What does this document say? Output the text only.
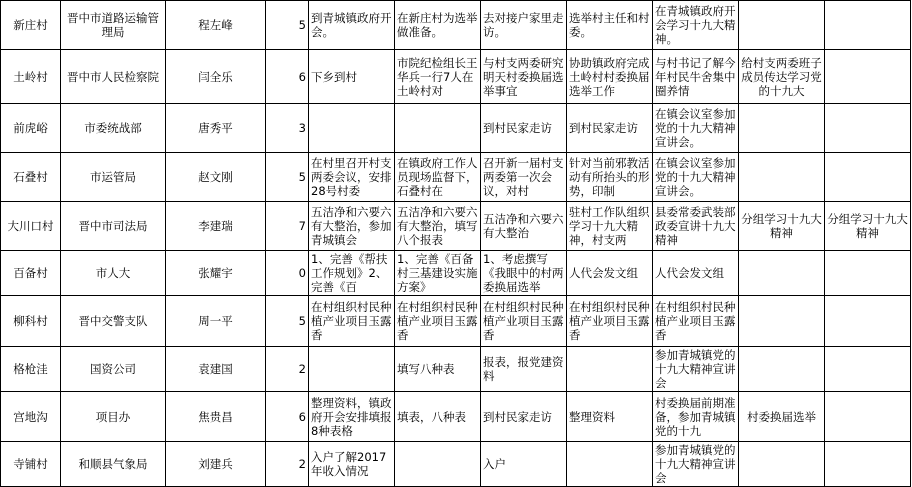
新庄村	晋中市道路运输管理局	程左峰	5	到青城镇政府开会。	在新庄村为选举做准备。	去对接户家里走访。	选举村主任和村委。	在青城镇政府开会学习十九大精神。		

土岭村	晋中市人民检察院	闫全乐	6	下乡到村	市院纪检组长王华兵一行7人在土岭村对	与村支两委研究明天村委换届选举事宜	协助镇政府完成土岭村村委换届选举工作	与村书记了解今年村民牛舍集中圈养情	给村支两委班子成员传达学习党的十九大	

前虎峪	市委统战部	唐秀平	3			到村民家走访	到村民家走访	在镇会议室参加党的十九大精神宣讲会。		

石叠村	市运管局	赵文刚	5	在村里召开村支两委会议，安排28号村委	在镇政府工作人员现场监督下，石叠村在	召开新一届村支两委第一次会议，对村	针对当前邪教活动有所抬头的形势，印制	在镇会议室参加党的十九大精神宣讲会。		

大川口村	晋中市司法局	李建瑞	7	五洁净和六要六有大整治，参加青城镇会	五洁净和六要六有大整治，填写八个报表	五洁净和六要六有大整治	驻村工作队组织学习十九大精神，村支两	县委常委武装部政委宣讲十九大精神	分组学习十九大精神	分组学习十九大精神

百备村	市人大	张耀宇	0	1、完善《帮扶工作规划》2、完善《百	1、完善《百备村三基建设实施方案》	1、考虑撰写《我眼中的村两委换届选举	人代会发文组	人代会发文组		

柳科村	晋中交警支队	周一平	5	在村组织村民种植产业项目玉露香	在村组织村民种植产业项目玉露香	在村组织村民种植产业项目玉露香	在村组织村民种植产业项目玉露香	在村组织村民种植产业项目玉露香		

格枪洼	国资公司	袁建国	2		填写八种表	报表，报党建资料		参加青城镇党的十九大精神宣讲会		

宫地沟	项目办	焦贵昌	6	整理资料，镇政府开会安排填报8种表格	填表，八种表	到村民家走访	整理资料	村委换届前期准备，参加青城镇党的十九	村委换届选举	

寺铺村	和顺县气象局	刘建兵	2	入户了解2017年收入情况		入户		参加青城镇党的十九大精神宣讲会		
